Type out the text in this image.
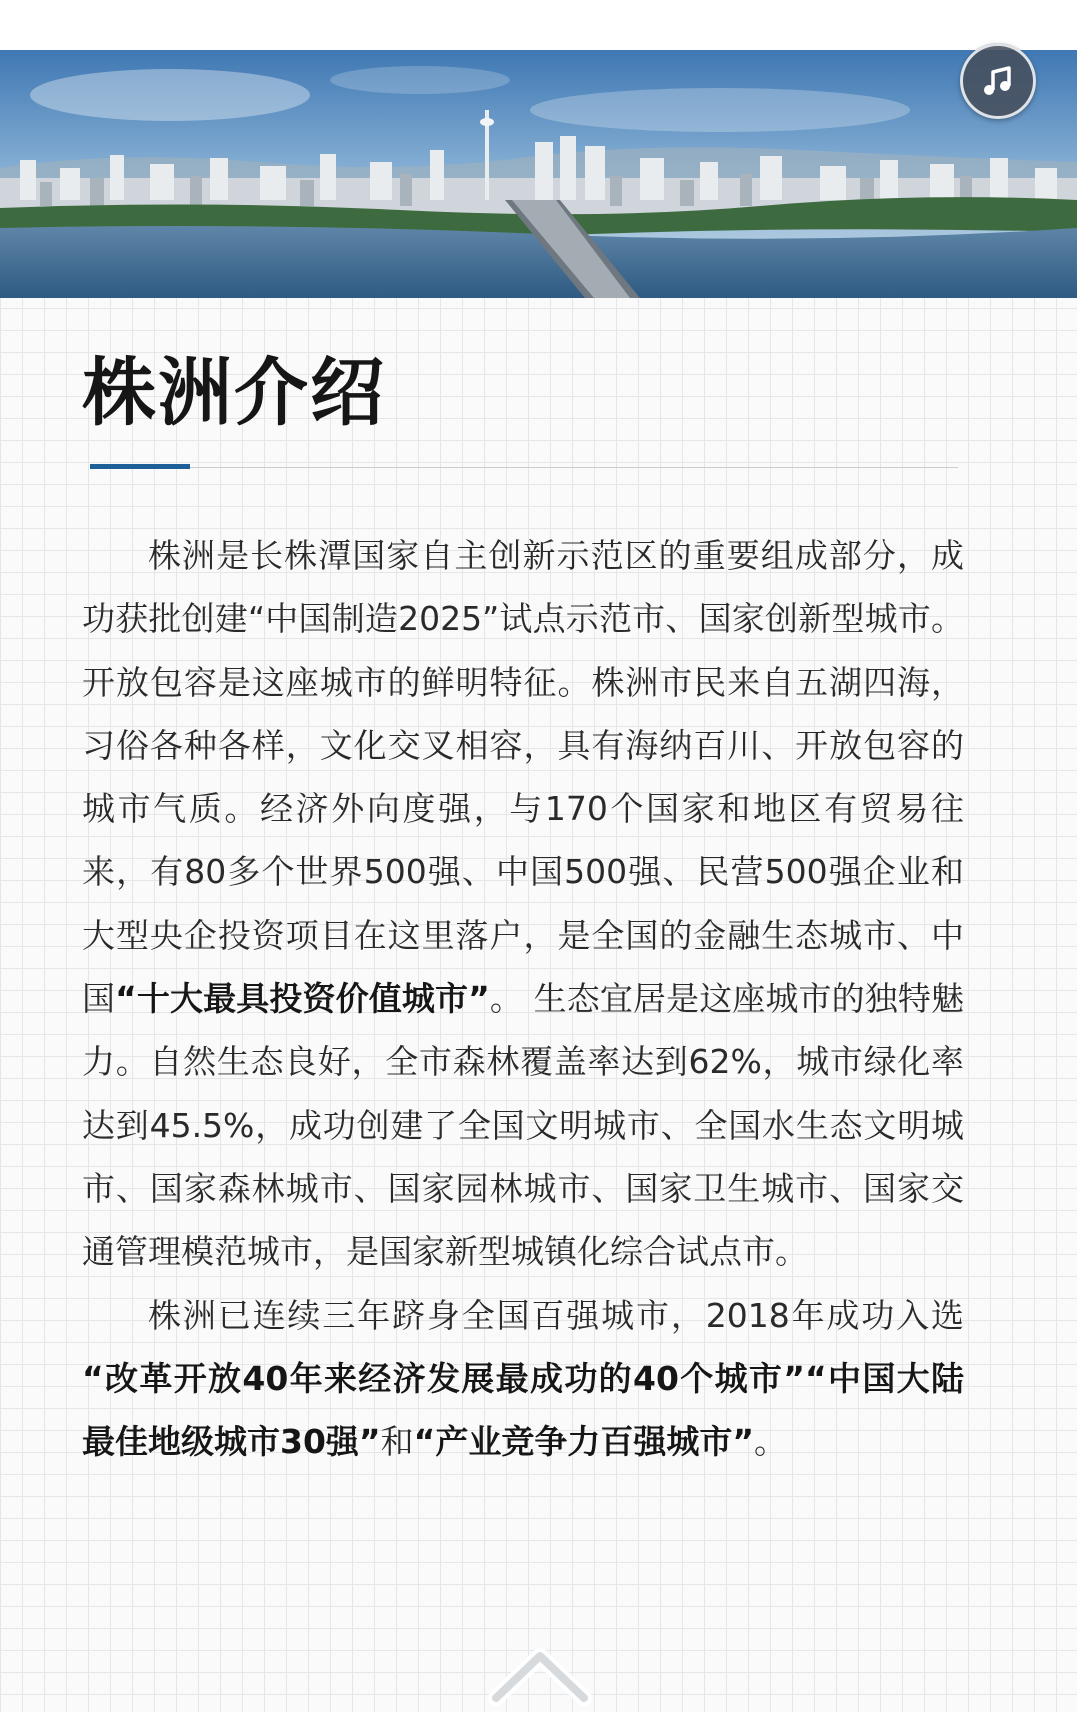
株洲介绍

株洲是长株潭国家自主创新示范区的重要组成部分，成功获批创建“中国制造2025”试点示范市、国家创新型城市。 开放包容是这座城市的鲜明特征。株洲市民来自五湖四海，习俗各种各样，文化交叉相容，具有海纳百川、开放包容的城市气质。经济外向度强，与170个国家和地区有贸易往来，有80多个世界500强、中国500强、民营500强企业和大型央企投资项目在这里落户，是全国的金融生态城市、中国“十大最具投资价值城市”。 生态宜居是这座城市的独特魅力。自然生态良好，全市森林覆盖率达到62%，城市绿化率达到45.5%，成功创建了全国文明城市、全国水生态文明城市、国家森林城市、国家园林城市、国家卫生城市、国家交通管理模范城市，是国家新型城镇化综合试点市。

株洲已连续三年跻身全国百强城市，2018年成功入选 “改革开放40年来经济发展最成功的40个城市”“中国大陆最佳地级城市30强”和“产业竞争力百强城市”。
